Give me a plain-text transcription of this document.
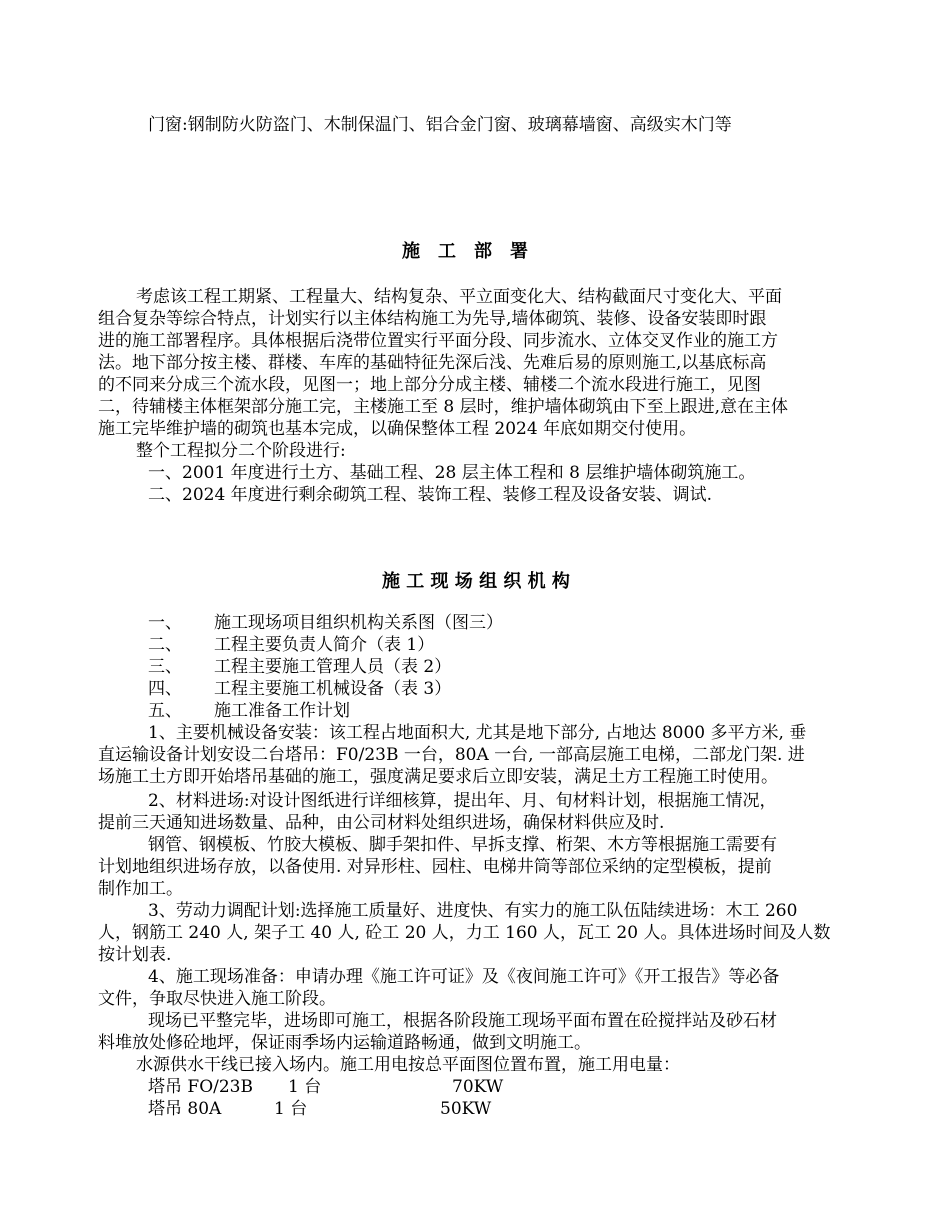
门窗:钢制防火防盗门、木制保温门、铝合金门窗、玻璃幕墙窗、高级实木门等
施　工　部　署
考虑该工程工期紧、工程量大、结构复杂、平立面变化大、结构截面尺寸变化大、平面
组合复杂等综合特点，计划实行以主体结构施工为先导,墙体砌筑、装修、设备安装即时跟
进的施工部署程序。具体根据后浇带位置实行平面分段、同步流水、立体交叉作业的施工方
法。地下部分按主楼、群楼、车库的基础特征先深后浅、先难后易的原则施工,以基底标高
的不同来分成三个流水段，见图一；地上部分分成主楼、辅楼二个流水段进行施工，见图
二，待辅楼主体框架部分施工完，主楼施工至 8 层时，维护墙体砌筑由下至上跟进,意在主体
施工完毕维护墙的砌筑也基本完成，以确保整体工程 2024 年底如期交付使用。
整个工程拟分二个阶段进行:
一、2001 年度进行土方、基础工程、28 层主体工程和 8 层维护墙体砌筑施工。
二、2024 年度进行剩余砌筑工程、装饰工程、装修工程及设备安装、调试.
施 工 现 场 组 织 机 构
一、 施工现场项目组织机构关系图（图三）
二、 工程主要负责人简介（表 1）
三、 工程主要施工管理人员（表 2）
四、 工程主要施工机械设备（表 3）
五、 施工准备工作计划
1、主要机械设备安装：该工程占地面积大, 尤其是地下部分, 占地达 8000 多平方米, 垂
直运输设备计划安设二台塔吊：F0/23B 一台，80A 一台, 一部高层施工电梯，二部龙门架. 进
场施工土方即开始塔吊基础的施工，强度满足要求后立即安装，满足土方工程施工时使用。
2、材料进场:对设计图纸进行详细核算，提出年、月、旬材料计划，根据施工情况，
提前三天通知进场数量、品种，由公司材料处组织进场，确保材料供应及时.
钢管、钢模板、竹胶大模板、脚手架扣件、早拆支撑、桁架、木方等根据施工需要有
计划地组织进场存放，以备使用. 对异形柱、园柱、电梯井筒等部位采纳的定型模板，提前
制作加工。
3、劳动力调配计划:选择施工质量好、进度快、有实力的施工队伍陆续进场：木工 260
人，钢筋工 240 人, 架子工 40 人, 砼工 20 人，力工 160 人，瓦工 20 人。具体进场时间及人数
按计划表.
4、施工现场准备：申请办理《施工许可证》及《夜间施工许可》《开工报告》等必备
文件，争取尽快进入施工阶段。
现场已平整完毕，进场即可施工，根据各阶段施工现场平面布置在砼搅拌站及砂石材
料堆放处修砼地坪，保证雨季场内运输道路畅通，做到文明施工。
水源供水干线已接入场内。施工用电按总平面图位置布置，施工用电量：
塔吊 FO/23B 1 台	70KW
塔吊 80A	1 台	50KW
